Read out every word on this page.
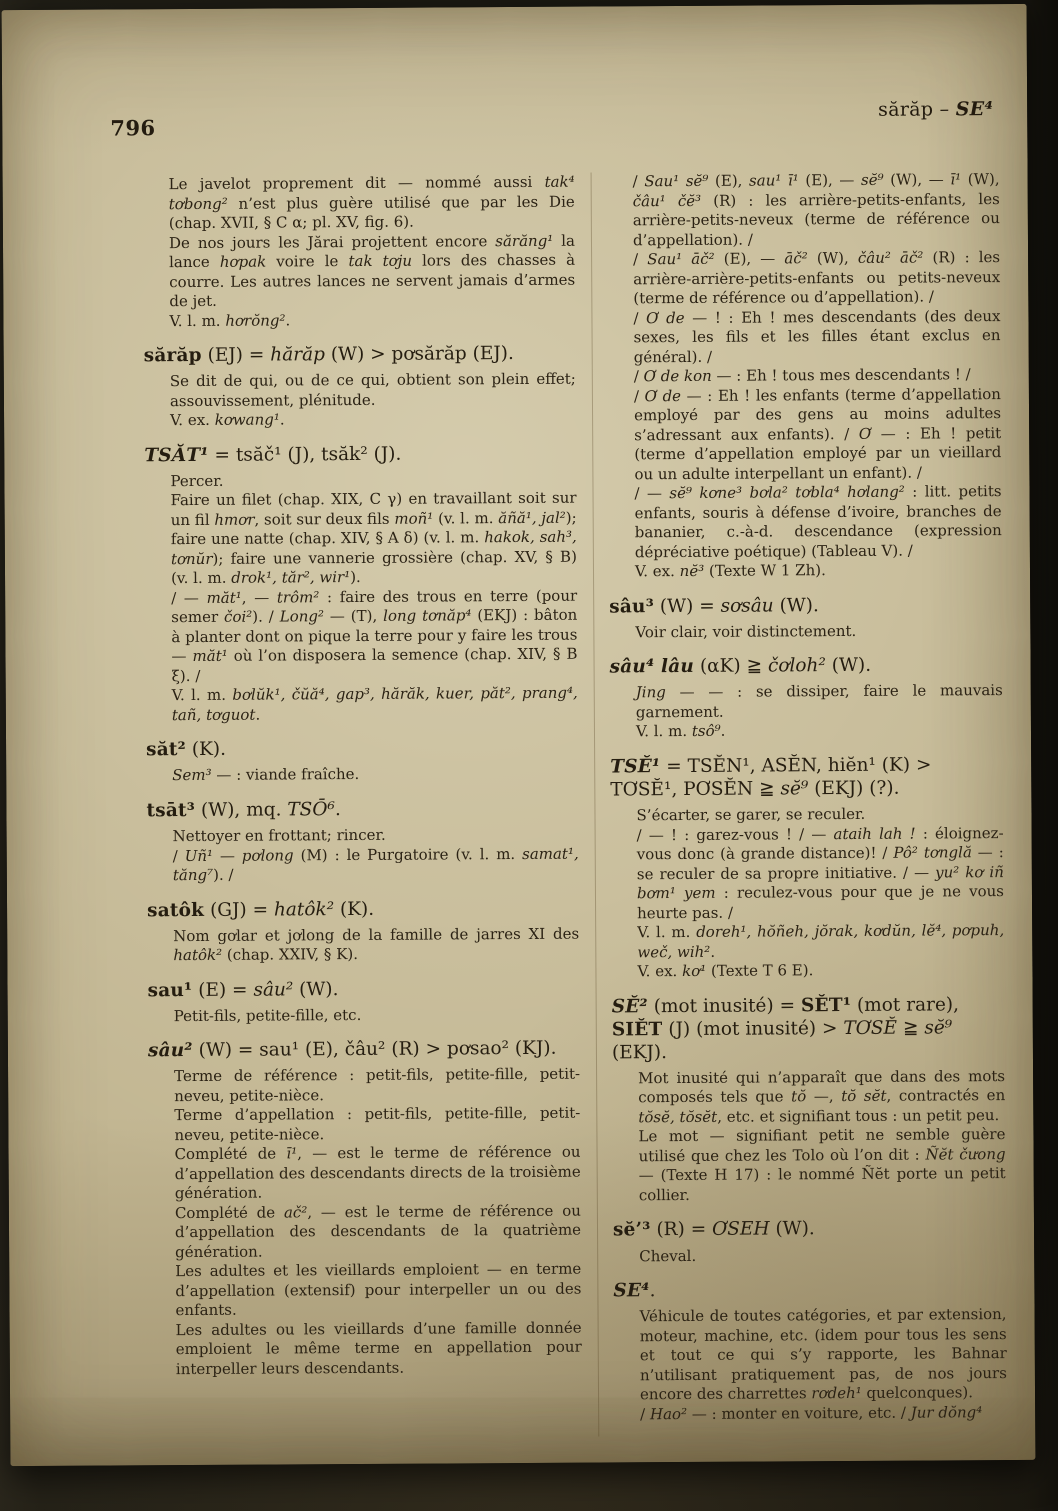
796
sărăp – SE⁴
Le javelot proprement dit — nommé aussi tak⁴ tơbong² n’est plus guère utilisé que par les Die (chap. XVII, § C α; pl. XV, fig. 6).
De nos jours les Jărai projettent encore sărăng¹ la lance hơpak voire le tak tơju lors des chasses à courre. Les autres lances ne servent jamais d’armes de jet.
V. l. m. hơrŏng².
sărăp (EJ) = hărăp (W) > pơsărăp (EJ).
Se dit de qui, ou de ce qui, obtient son plein effet; assouvissement, plénitude.
V. ex. kơwang¹.
TSĂT¹ = tsăč¹ (J), tsăk² (J).
Percer.
Faire un filet (chap. XIX, C γ) en travaillant soit sur un fil hmơr, soit sur deux fils moñ¹ (v. l. m. ăñă¹, jal²); faire une natte (chap. XIV, § A δ) (v. l. m. hakok, sah³, tơnŭr); faire une vannerie grossière (chap. XV, § B) (v. l. m. drok¹, tăr², wir¹).
/ — măt¹, — trôm² : faire des trous en terre (pour semer čoi²). / Long² — (T), long tơnăp⁴ (EKJ) : bâton à planter dont on pique la terre pour y faire les trous — măt¹ où l’on disposera la semence (chap. XIV, § B ξ). /
V. l. m. bơlŭk¹, čŭă⁴, gap³, hărăk, kuer, păt², prang⁴, tañ, tơguot.
săt² (K).
Sem³ — : viande fraîche.
tsāt³ (W), mq. TSŌ⁶.
Nettoyer en frottant; rincer.
/ Uñ¹ — pơlong (M) : le Purgatoire (v. l. m. samat¹, tăng⁷). /
satôk (GJ) = hatôk² (K).
Nom gơlar et jơlong de la famille de jarres XI des hatôk² (chap. XXIV, § K).
sau¹ (E) = sâu² (W).
Petit-fils, petite-fille, etc.
sâu² (W) = sau¹ (E), čâu² (R) > pơsao² (KJ).
Terme de référence : petit-fils, petite-fille, petit-neveu, petite-nièce.
Terme d’appellation : petit-fils, petite-fille, petit-neveu, petite-nièce.
Complété de ī¹, — est le terme de référence ou d’appellation des descendants directs de la troisième génération.
Complété de ač², — est le terme de référence ou d’appellation des descendants de la quatrième génération.
Les adultes et les vieillards emploient — en terme d’appellation (extensif) pour interpeller un ou des enfants.
Les adultes ou les vieillards d’une famille donnée emploient le même terme en appellation pour interpeller leurs descendants.
/ Sau¹ sĕ⁹ (E), sau¹ ī¹ (E), — sĕ⁹ (W), — ī¹ (W), čâu¹ čĕ³ (R) : les arrière-petits-enfants, les arrière-petits-neveux (terme de référence ou d’appellation). /
/ Sau¹ āč² (E), — āč² (W), čâu² āč² (R) : les arrière-arrière-petits-enfants ou petits-neveux (terme de référence ou d’appellation). /
/ Ơ de — ! : Eh ! mes descendants (des deux sexes, les fils et les filles étant exclus en général). /
/ Ơ de kon — : Eh ! tous mes descendants ! /
/ Ơ de — : Eh ! les enfants (terme d’appellation employé par des gens au moins adultes s’adressant aux enfants). / Ơ — : Eh ! petit (terme d’appellation employé par un vieillard ou un adulte interpellant un enfant). /
/ — sĕ⁹ kơne³ bơla² tơbla⁴ hơlang² : litt. petits enfants, souris à défense d’ivoire, branches de bananier, c.-à-d. descendance (expression dépréciative poétique) (Tableau V). /
V. ex. nĕ³ (Texte W 1 Zh).
sâu³ (W) = sơsâu (W).
Voir clair, voir distinctement.
sâu⁴ lâu (αK) ≧ čơloh² (W).
Jing — — : se dissiper, faire le mauvais garnement.
V. l. m. tsô⁹.
TSĔ¹ = TSĔN¹, ASĔN, hiĕn¹ (K) > TƠSĔ¹, PƠSĔN ≧ sĕ⁹ (EKJ) (?).
S’écarter, se garer, se reculer.
/ — ! : garez-vous ! / — ataih lah ! : éloignez-vous donc (à grande distance)! / Pô² tơnglă — : se reculer de sa propre initiative. / — yu² kơ iñ bơm¹ yem : reculez-vous pour que je ne vous heurte pas. /
V. l. m. doreh¹, hŏñeh, jŏrak, kơdŭn, lĕ⁴, pơpuh, weč, wih².
V. ex. kơ¹ (Texte T 6 E).
SĔ² (mot inusité) = SĔT¹ (mot rare), SIĔT (J) (mot inusité) > TƠSĔ ≧ sĕ⁹ (EKJ).
Mot inusité qui n’apparaît que dans des mots composés tels que tŏ —, tŏ sĕt, contractés en tŏsĕ, tŏsĕt, etc. et signifiant tous : un petit peu.
Le mot — signifiant petit ne semble guère utilisé que chez les Tolo où l’on dit : Ñĕt čưong — (Texte H 17) : le nommé Ñĕt porte un petit collier.
sĕ’³ (R) = ƠSEH (W).
Cheval.
SE⁴.
Véhicule de toutes catégories, et par extension, moteur, machine, etc. (idem pour tous les sens et tout ce qui s’y rapporte, les Bahnar n’utilisant pratiquement pas, de nos jours encore des charrettes rơdeh¹ quelconques).
/ Hao² — : monter en voiture, etc. / Jur dŏng⁴
